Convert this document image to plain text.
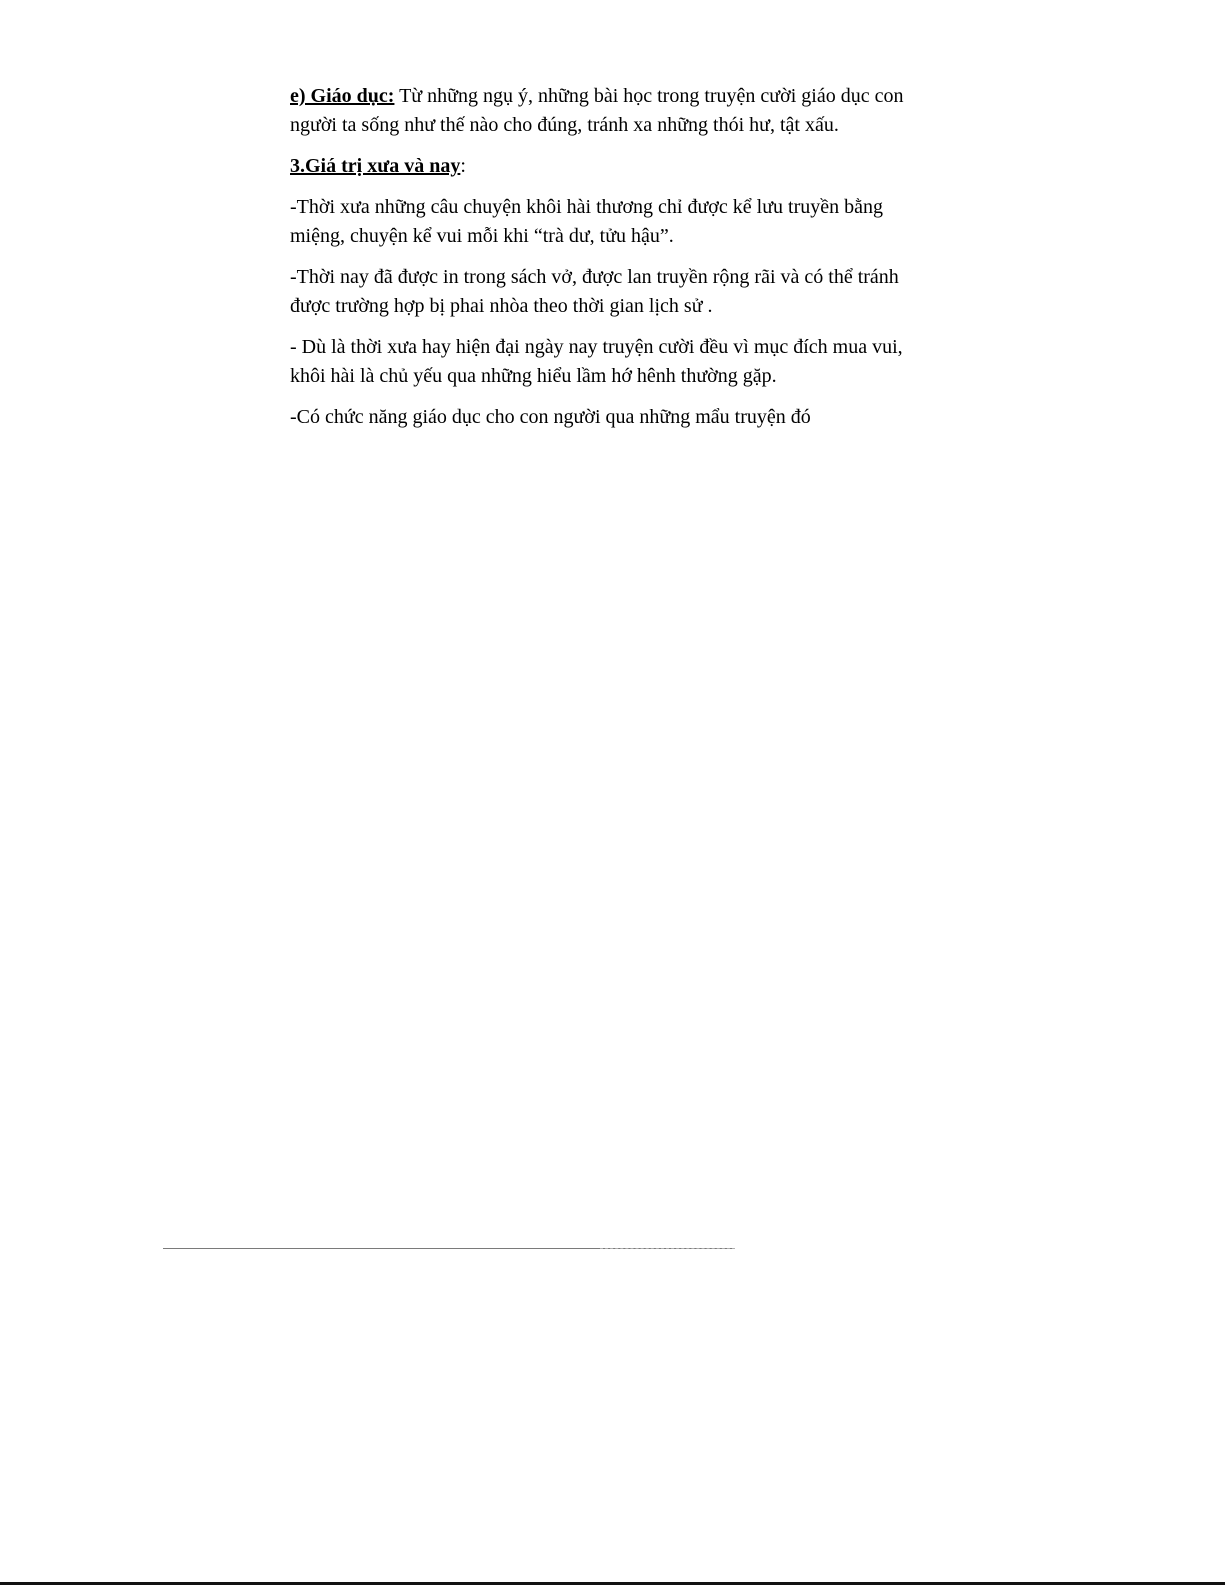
e) Giáo dục: Từ những ngụ ý, những bài học trong truyện cười giáo dục con
người ta sống như thế nào cho đúng, tránh xa những thói hư, tật xấu.

3.Giá trị xưa và nay:

-Thời xưa những câu chuyện khôi hài thương chỉ được kể lưu truyền bằng
miệng, chuyện kể vui mỗi khi “trà dư, tửu hậu”.

-Thời nay đã được in trong sách vở, được lan truyền rộng rãi và có thể tránh
được trường hợp bị phai nhòa theo thời gian lịch sử .

- Dù là thời xưa hay hiện đại ngày nay truyện cười đều vì mục đích mua vui,
khôi hài là chủ yếu qua những hiểu lầm hớ hênh thường gặp.

-Có chức năng giáo dục cho con người qua những mẩu truyện đó
